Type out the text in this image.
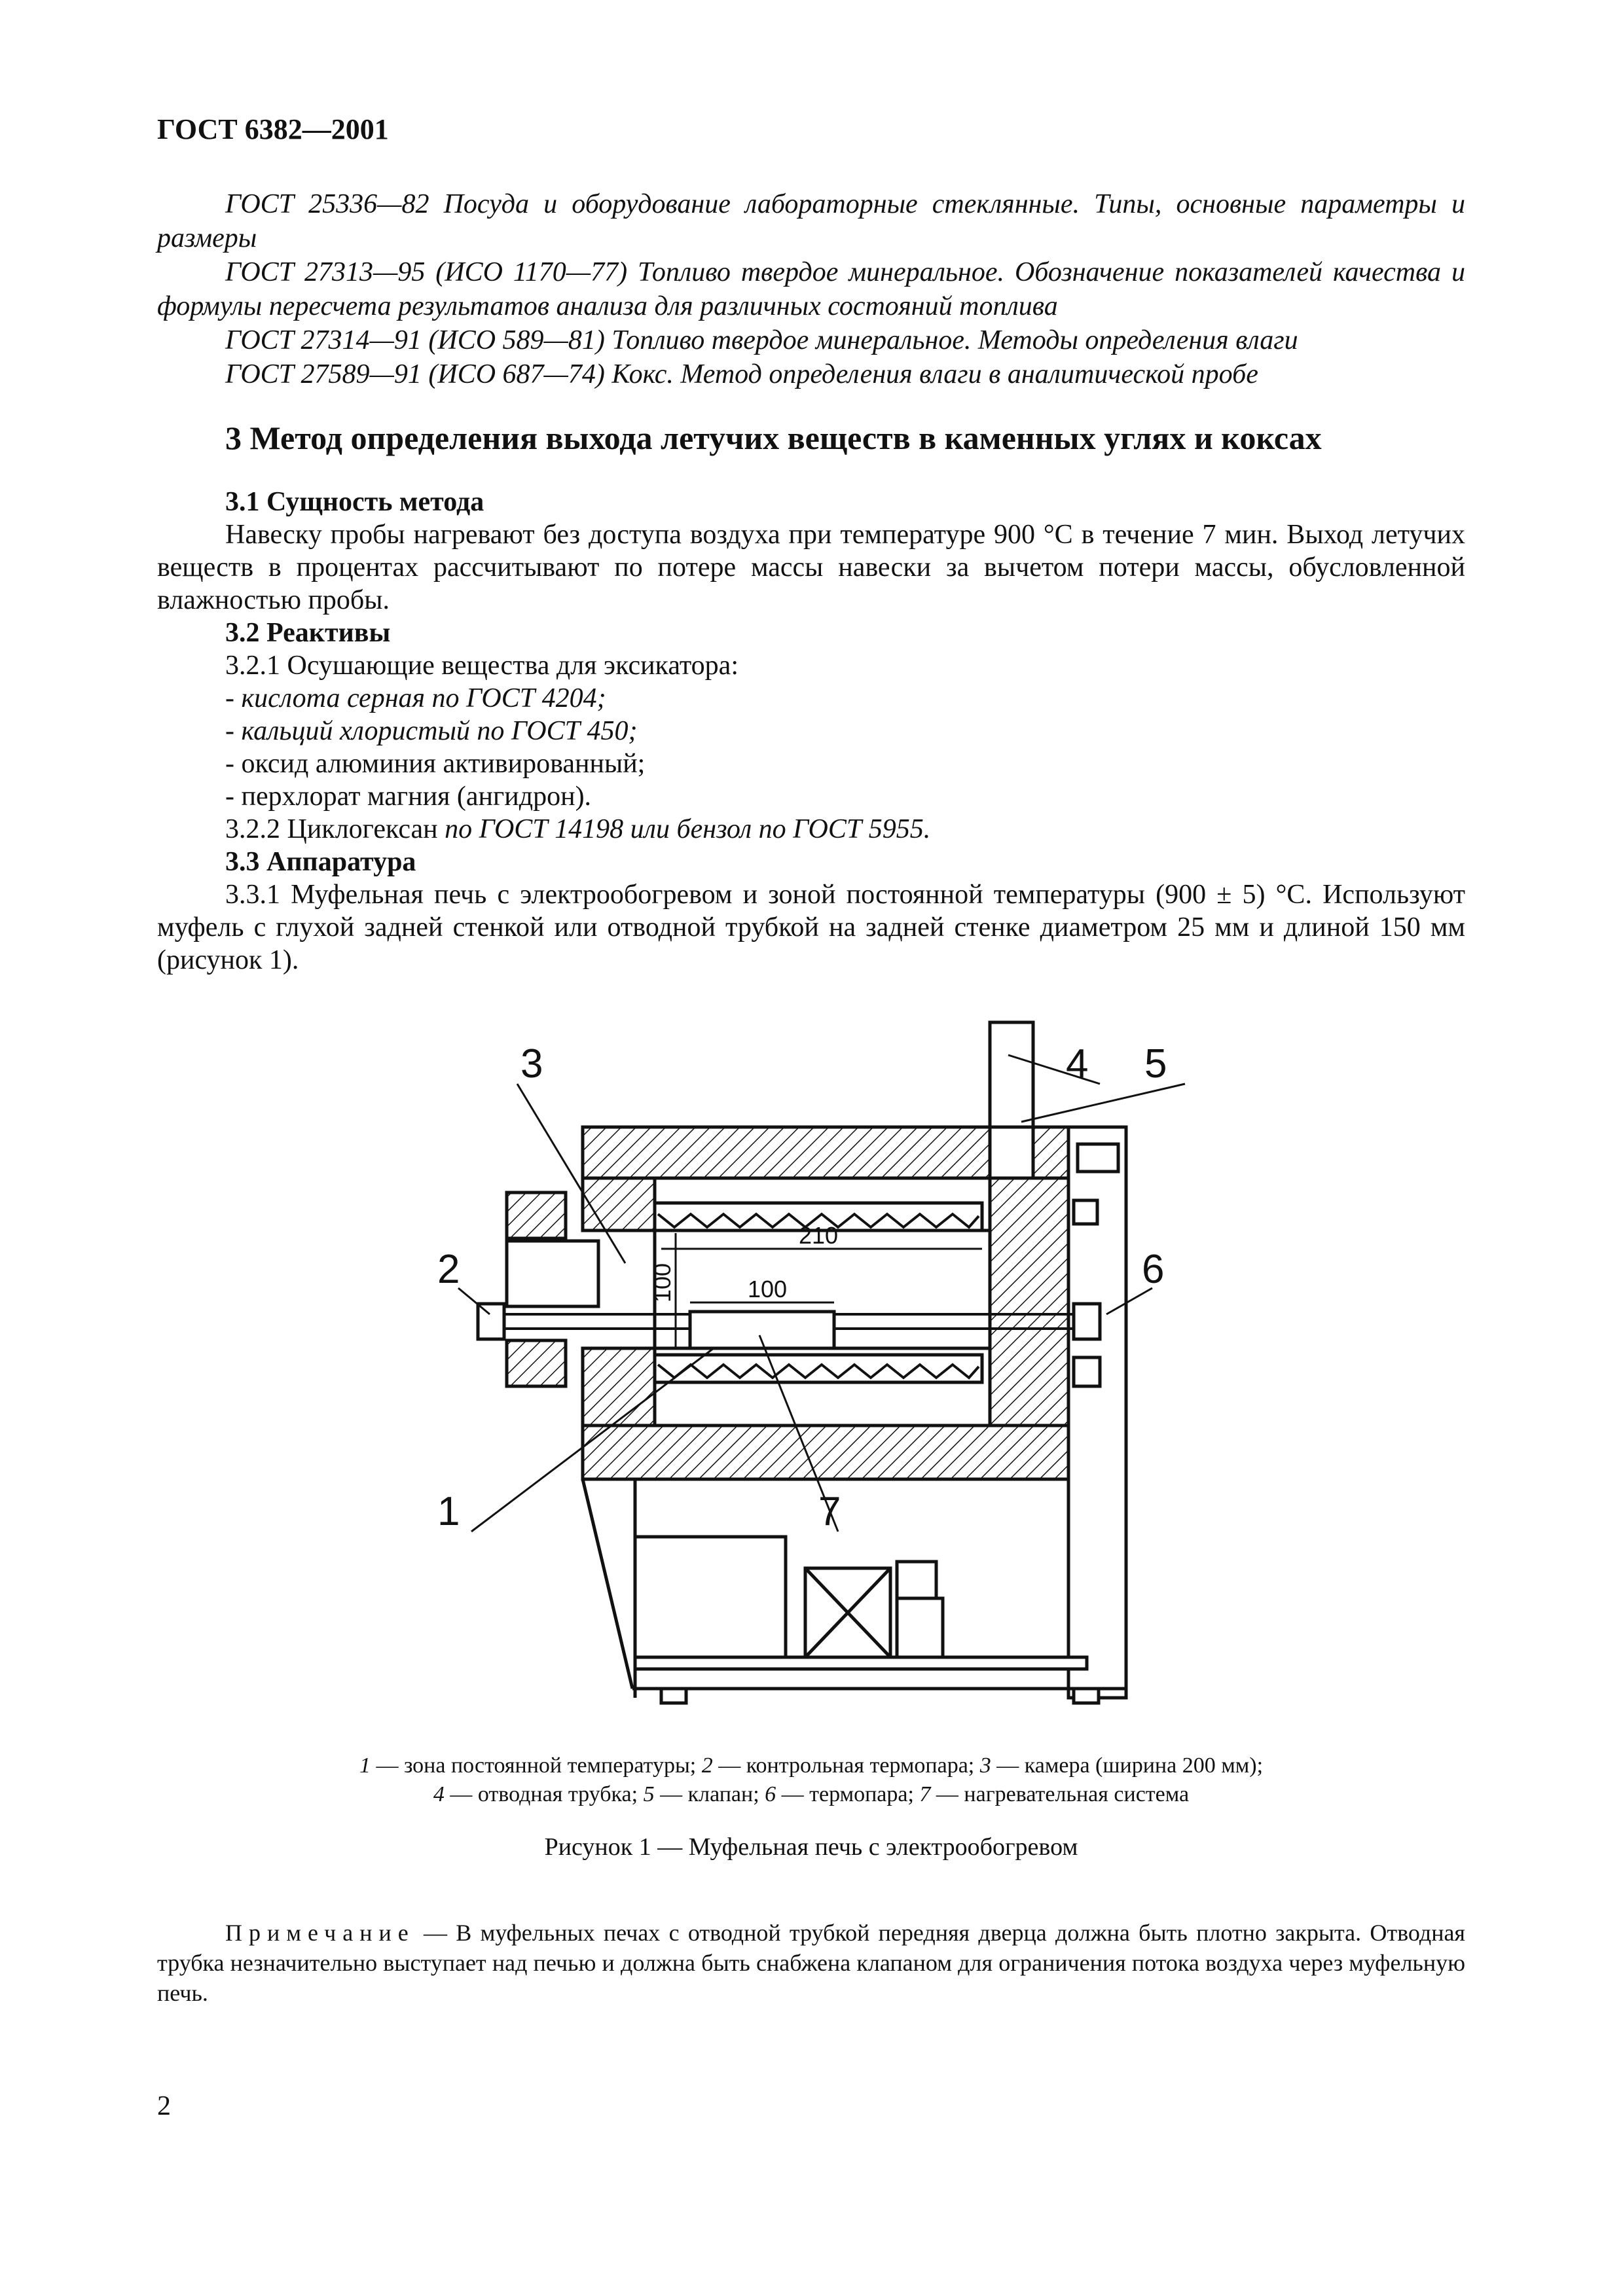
ГОСТ 6382—2001

ГОСТ 25336—82 Посуда и оборудование лабораторные стеклянные. Типы, основные параметры и размеры

ГОСТ 27313—95 (ИСО 1170—77) Топливо твердое минеральное. Обозначение показателей качества и формулы пересчета результатов анализа для различных состояний топлива

ГОСТ 27314—91 (ИСО 589—81) Топливо твердое минеральное. Методы определения влаги

ГОСТ 27589—91 (ИСО 687—74) Кокс. Метод определения влаги в аналитической пробе

3 Метод определения выхода летучих веществ в каменных углях и коксах

3.1 Сущность метода

Навеску пробы нагревают без доступа воздуха при температуре 900 °С в течение 7 мин. Выход летучих веществ в процентах рассчитывают по потере массы навески за вычетом потери массы, обусловленной влажностью пробы.

3.2 Реактивы

3.2.1 Осушающие вещества для эксикатора:

- кислота серная по ГОСТ 4204;

- кальций хлористый по ГОСТ 450;

- оксид алюминия активированный;

- перхлорат магния (ангидрон).

3.2.2 Циклогексан по ГОСТ 14198 или бензол по ГОСТ 5955.

3.3 Аппаратура

3.3.1 Муфельная печь с электрообогревом и зоной постоянной температуры (900 ± 5) °С. Используют муфель с глухой задней стенкой или отводной трубкой на задней стенке диаметром 25 мм и длиной 150 мм (рисунок 1).

3	4 5
2	6
1	7
210
100
100
1 — зона постоянной температуры; 2 — контрольная термопара; 3 — камера (ширина 200 мм);
4 — отводная трубка; 5 — клапан; 6 — термопара; 7 — нагревательная система
Рисунок 1 — Муфельная печь с электрообогревом

Примечание — В муфельных печах с отводной трубкой передняя дверца должна быть плотно закрыта. Отводная трубка незначительно выступает над печью и должна быть снабжена клапаном для ограничения потока воздуха через муфельную печь.

2
